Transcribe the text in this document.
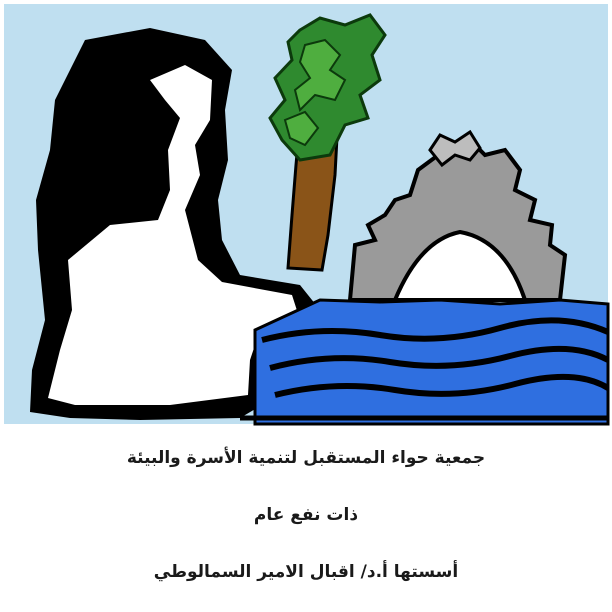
جمعية حواء المستقبل لتنمية الأسرة والبيئة
ذات نفع عام
أسستها أ.د/ اقبال الامير السمالوطي
